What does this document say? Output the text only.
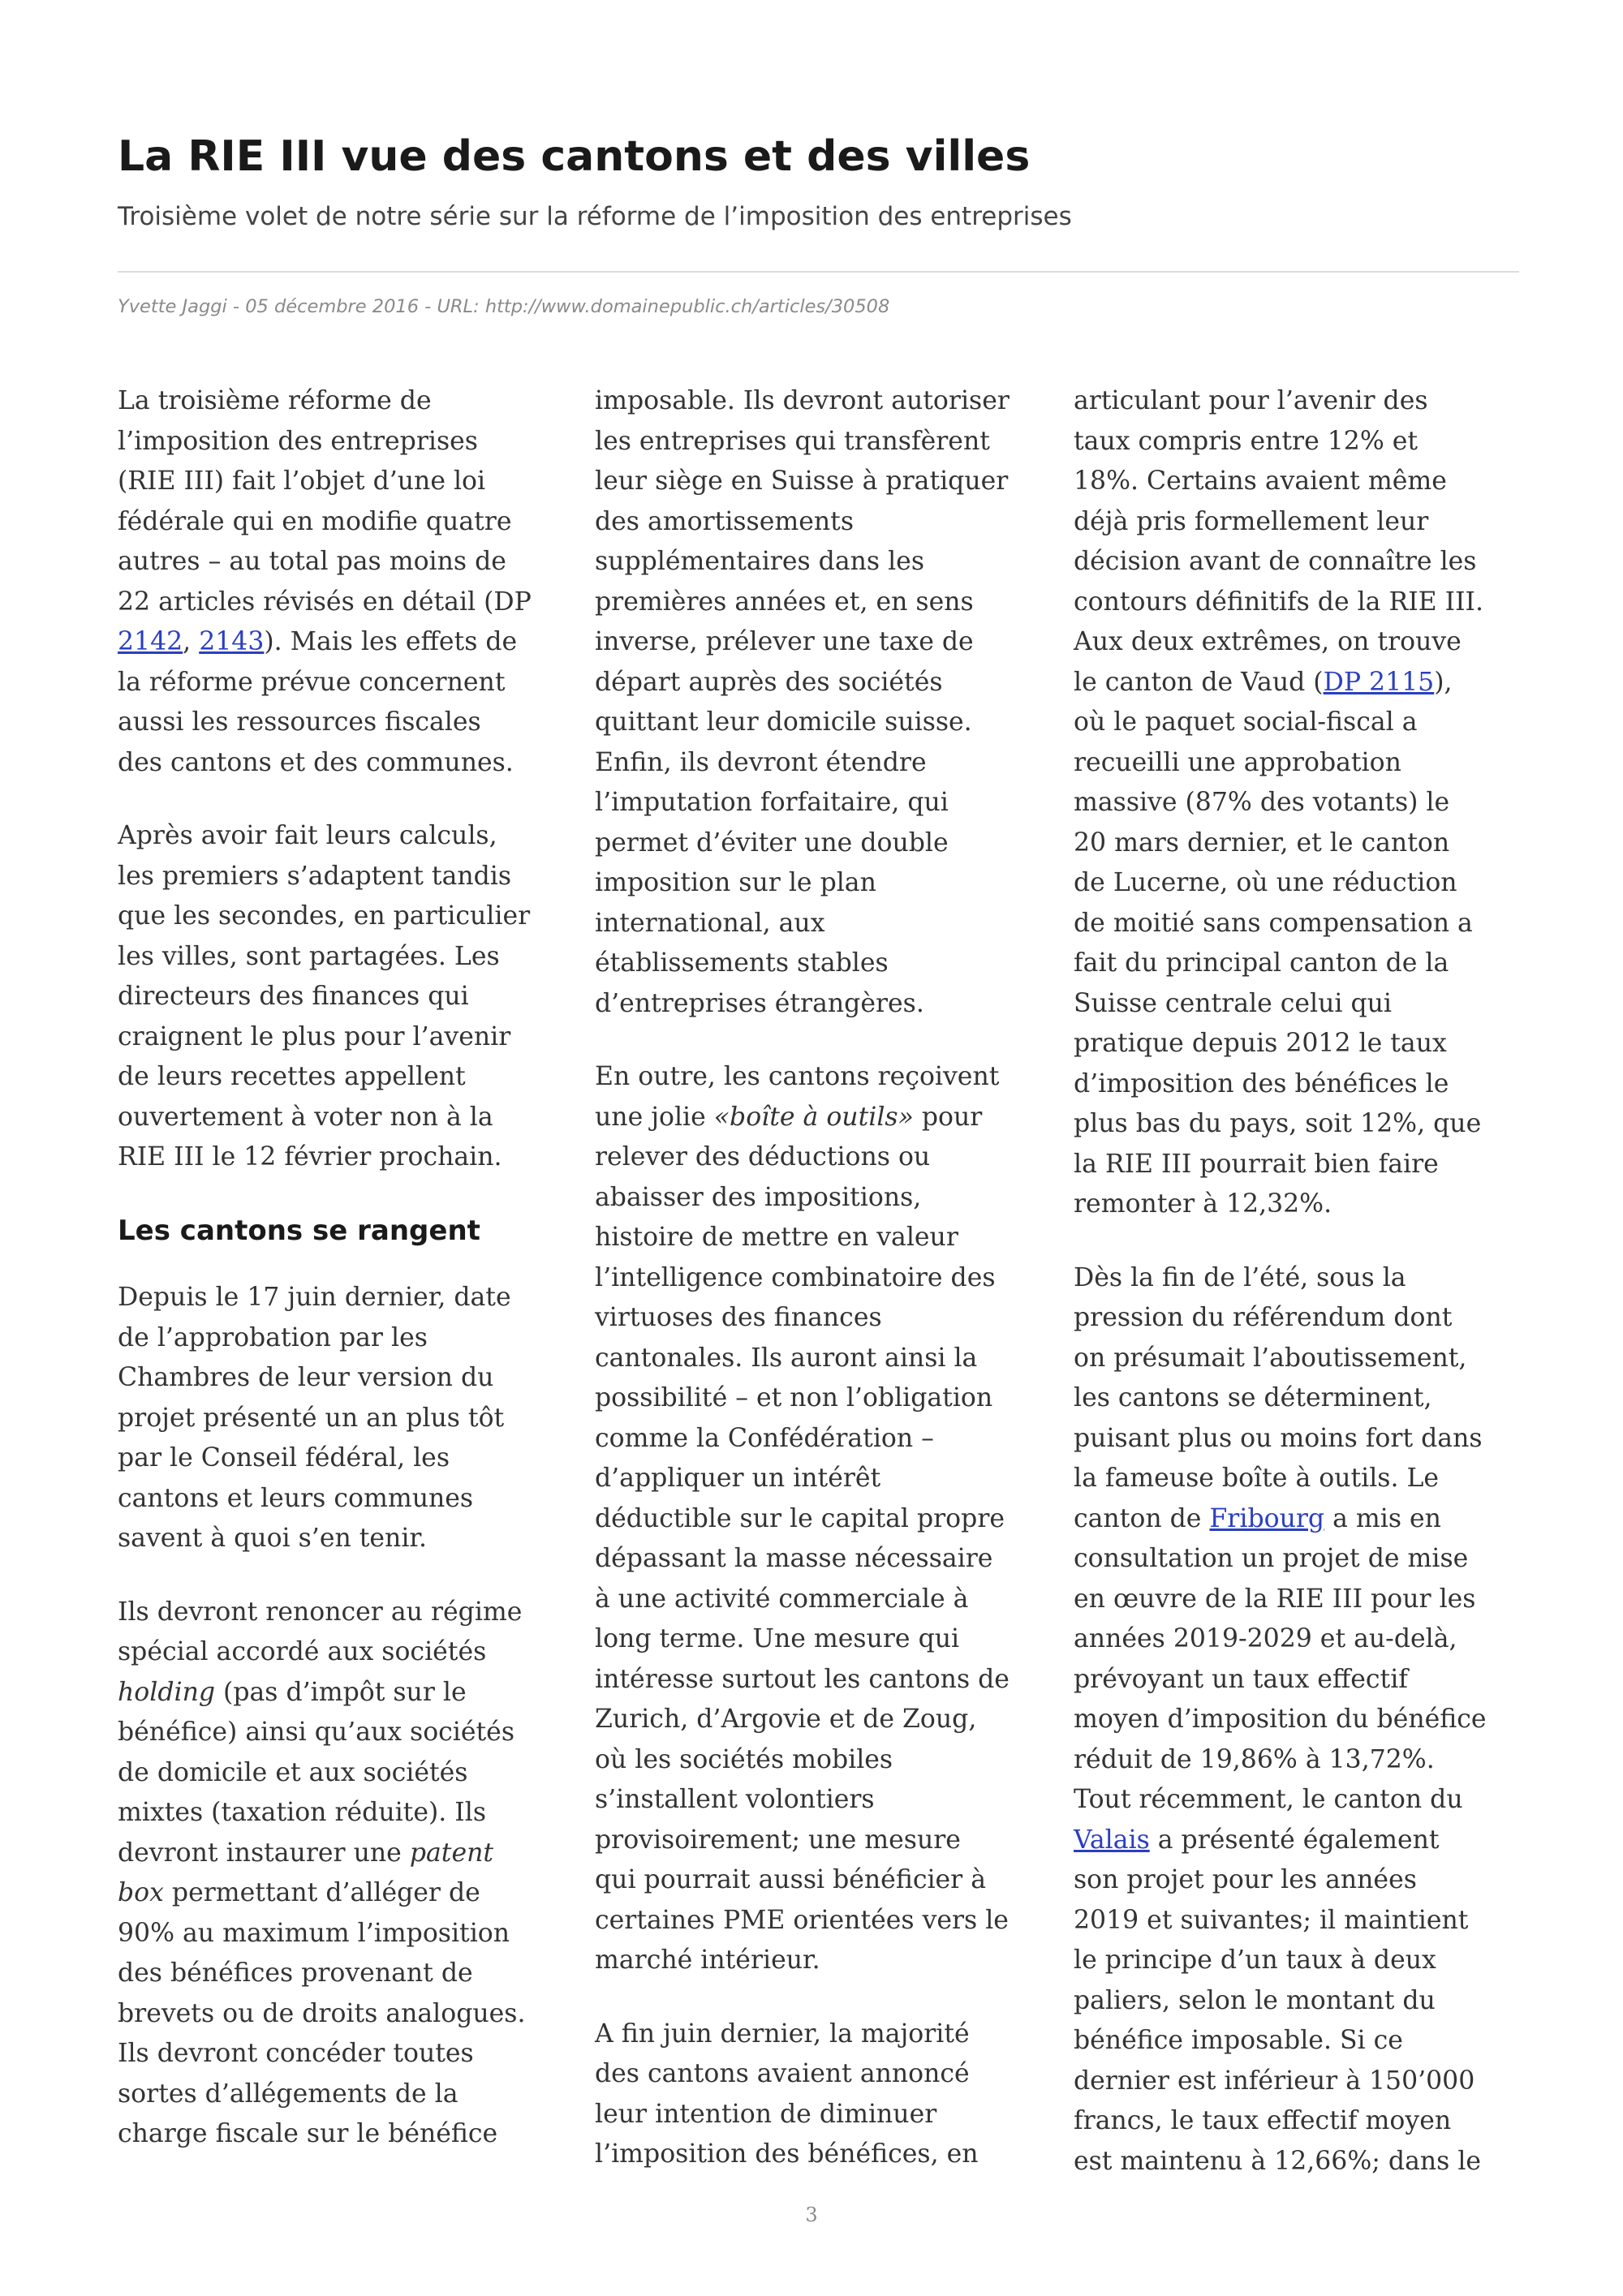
La RIE III vue des cantons et des villes

Troisième volet de notre série sur la réforme de l’imposition des entreprises

Yvette Jaggi - 05 décembre 2016 - URL: http://www.domainepublic.ch/articles/30508

La troisième réforme de
l’imposition des entreprises
(RIE III) fait l’objet d’une loi
fédérale qui en modifie quatre
autres – au total pas moins de
22 articles révisés en détail (DP
2142, 2143). Mais les effets de
la réforme prévue concernent
aussi les ressources fiscales
des cantons et des communes.

Après avoir fait leurs calculs,
les premiers s’adaptent tandis
que les secondes, en particulier
les villes, sont partagées. Les
directeurs des finances qui
craignent le plus pour l’avenir
de leurs recettes appellent
ouvertement à voter non à la
RIE III le 12 février prochain.

Les cantons se rangent

Depuis le 17 juin dernier, date
de l’approbation par les
Chambres de leur version du
projet présenté un an plus tôt
par le Conseil fédéral, les
cantons et leurs communes
savent à quoi s’en tenir.

Ils devront renoncer au régime
spécial accordé aux sociétés
holding (pas d’impôt sur le
bénéfice) ainsi qu’aux sociétés
de domicile et aux sociétés
mixtes (taxation réduite). Ils
devront instaurer une patent
box permettant d’alléger de
90% au maximum l’imposition
des bénéfices provenant de
brevets ou de droits analogues.
Ils devront concéder toutes
sortes d’allégements de la
charge fiscale sur le bénéfice

imposable. Ils devront autoriser
les entreprises qui transfèrent
leur siège en Suisse à pratiquer
des amortissements
supplémentaires dans les
premières années et, en sens
inverse, prélever une taxe de
départ auprès des sociétés
quittant leur domicile suisse.
Enfin, ils devront étendre
l’imputation forfaitaire, qui
permet d’éviter une double
imposition sur le plan
international, aux
établissements stables
d’entreprises étrangères.

En outre, les cantons reçoivent
une jolie «boîte à outils» pour
relever des déductions ou
abaisser des impositions,
histoire de mettre en valeur
l’intelligence combinatoire des
virtuoses des finances
cantonales. Ils auront ainsi la
possibilité – et non l’obligation
comme la Confédération –
d’appliquer un intérêt
déductible sur le capital propre
dépassant la masse nécessaire
à une activité commerciale à
long terme. Une mesure qui
intéresse surtout les cantons de
Zurich, d’Argovie et de Zoug,
où les sociétés mobiles
s’installent volontiers
provisoirement; une mesure
qui pourrait aussi bénéficier à
certaines PME orientées vers le
marché intérieur.

A fin juin dernier, la majorité
des cantons avaient annoncé
leur intention de diminuer
l’imposition des bénéfices, en

articulant pour l’avenir des
taux compris entre 12% et
18%. Certains avaient même
déjà pris formellement leur
décision avant de connaître les
contours définitifs de la RIE III.
Aux deux extrêmes, on trouve
le canton de Vaud (DP 2115),
où le paquet social-fiscal a
recueilli une approbation
massive (87% des votants) le
20 mars dernier, et le canton
de Lucerne, où une réduction
de moitié sans compensation a
fait du principal canton de la
Suisse centrale celui qui
pratique depuis 2012 le taux
d’imposition des bénéfices le
plus bas du pays, soit 12%, que
la RIE III pourrait bien faire
remonter à 12,32%.

Dès la fin de l’été, sous la
pression du référendum dont
on présumait l’aboutissement,
les cantons se déterminent,
puisant plus ou moins fort dans
la fameuse boîte à outils. Le
canton de Fribourg a mis en
consultation un projet de mise
en œuvre de la RIE III pour les
années 2019-2029 et au-delà,
prévoyant un taux effectif
moyen d’imposition du bénéfice
réduit de 19,86% à 13,72%.
Tout récemment, le canton du
Valais a présenté également
son projet pour les années
2019 et suivantes; il maintient
le principe d’un taux à deux
paliers, selon le montant du
bénéfice imposable. Si ce
dernier est inférieur à 150’000
francs, le taux effectif moyen
est maintenu à 12,66%; dans le

3
